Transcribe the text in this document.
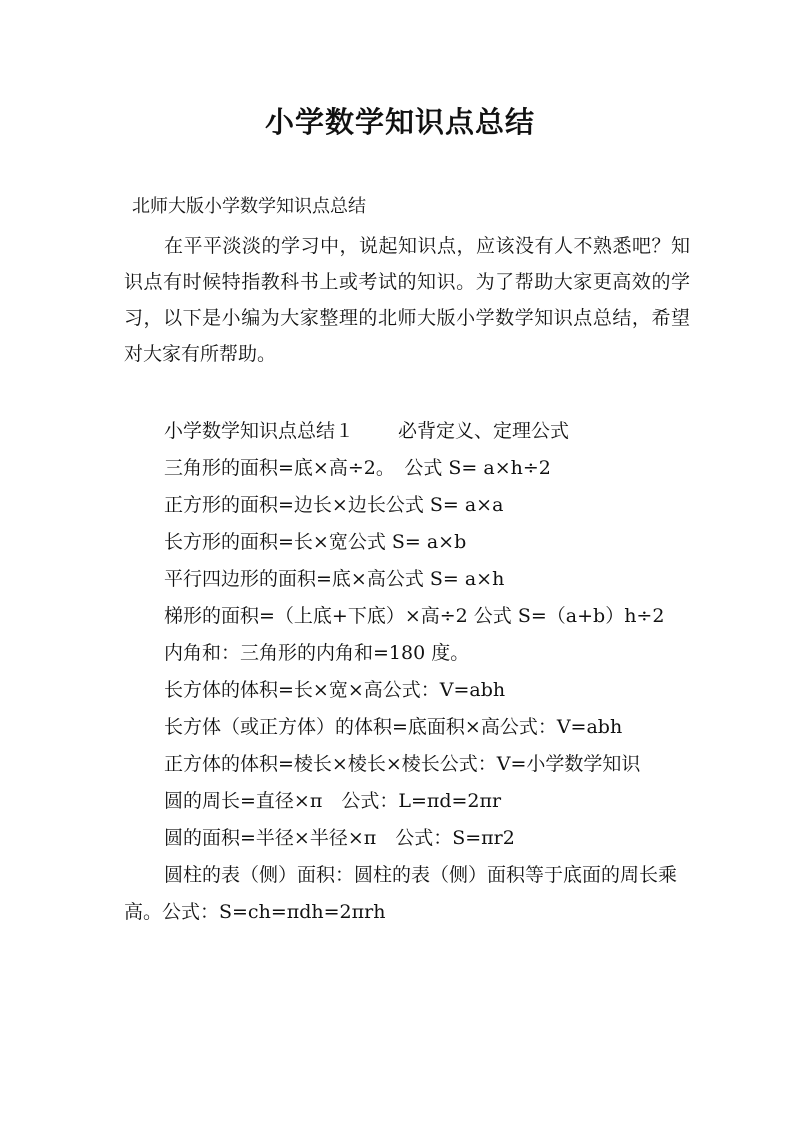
小学数学知识点总结
北师大版小学数学知识点总结
在平平淡淡的学习中，说起知识点，应该没有人不熟悉吧？知识点有时候特指教科书上或考试的知识。为了帮助大家更高效的学习，以下是小编为大家整理的北师大版小学数学知识点总结，希望对大家有所帮助。
小学数学知识点总结１　　 必背定义、定理公式
三角形的面积=底×高÷2。　公式 S= a×h÷2
正方形的面积=边长×边长公式 S= a×a
长方形的面积=长×宽公式 S= a×b
平行四边形的面积=底×高公式 S= a×h
梯形的面积=（上底+下底）×高÷2 公式 S=（a+b）h÷2
内角和：三角形的内角和=180 度。
长方体的体积=长×宽×高公式：V=abh
长方体（或正方体）的体积=底面积×高公式：V=abh
正方体的体积=棱长×棱长×棱长公式：V=小学数学知识
圆的周长=直径×π　公式：L=πd=2πr
圆的面积=半径×半径×π　公式：S=πr2
圆柱的表（侧）面积：圆柱的表（侧）面积等于底面的周长乘高。公式：S=ch=πdh=2πrh
